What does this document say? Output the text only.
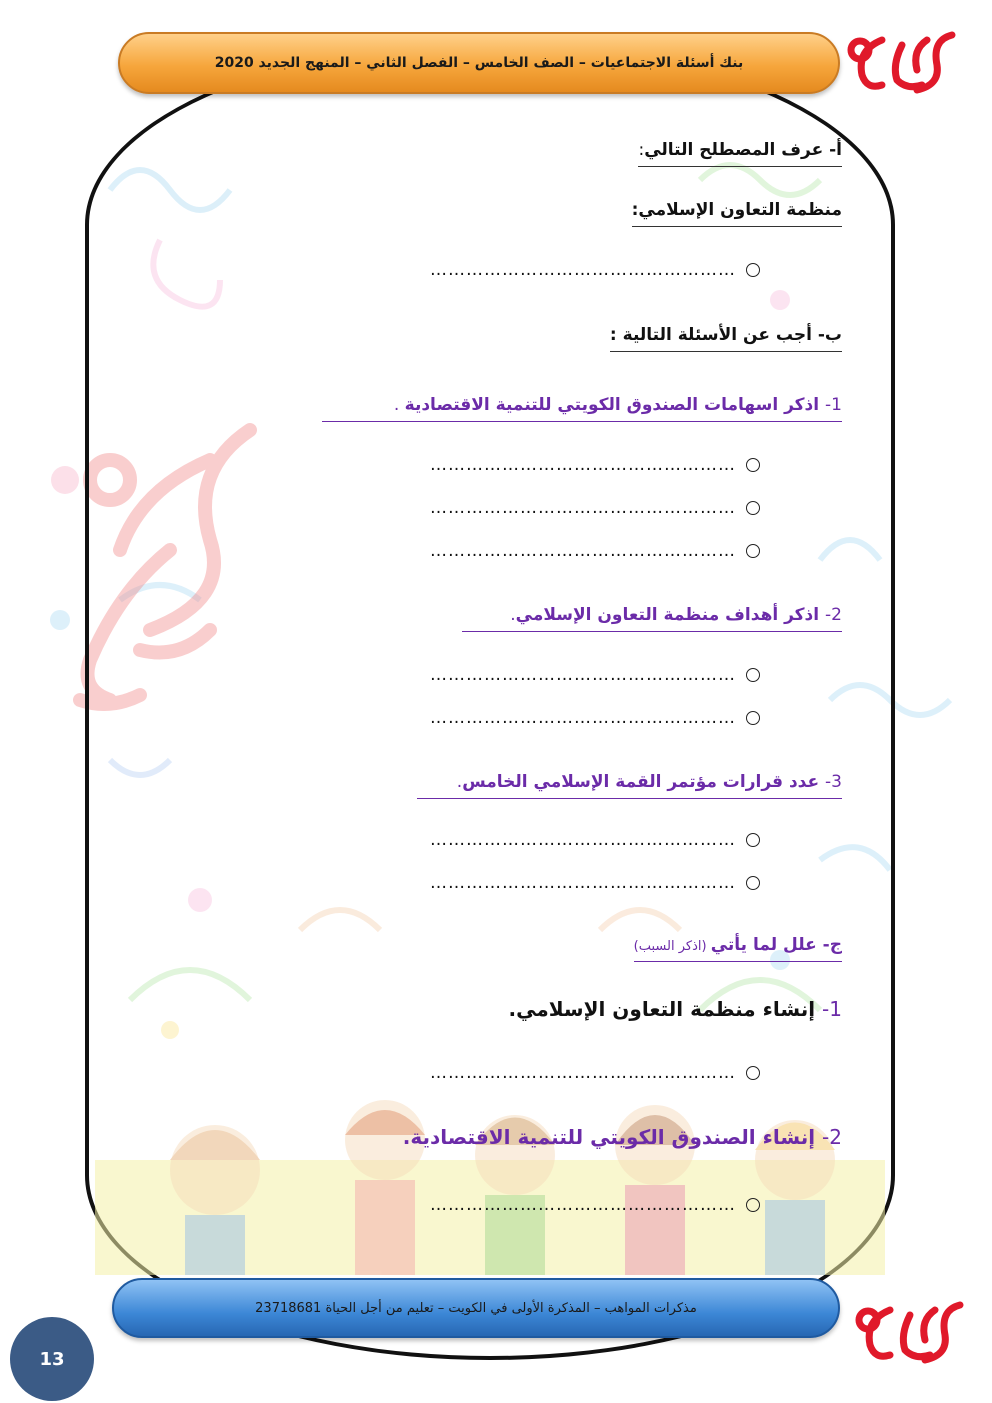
بنك أسئلة الاجتماعيات – الصف الخامس – الفصل الثاني – المنهج الجديد 2020
أ- عرف المصطلح التالي:
منظمة التعاون الإسلامي:
……………………………………………
ب- أجب عن الأسئلة التالية :
1- اذكر اسهامات الصندوق الكويتي للتنمية الاقتصادية .
……………………………………………
……………………………………………
……………………………………………
2- اذكر أهداف منظمة التعاون الإسلامي.
……………………………………………
……………………………………………
3- عدد قرارات مؤتمر القمة الإسلامي الخامس.
……………………………………………
……………………………………………
ج- علل لما يأتي (اذكر السبب)
1- إنشاء منظمة التعاون الإسلامي.
……………………………………………
2- إنشاء الصندوق الكويتي للتنمية الاقتصادية.
……………………………………………
مذكرات المواهب – المذكرة الأولى في الكويت – تعليم من أجل الحياة 23718681
13
